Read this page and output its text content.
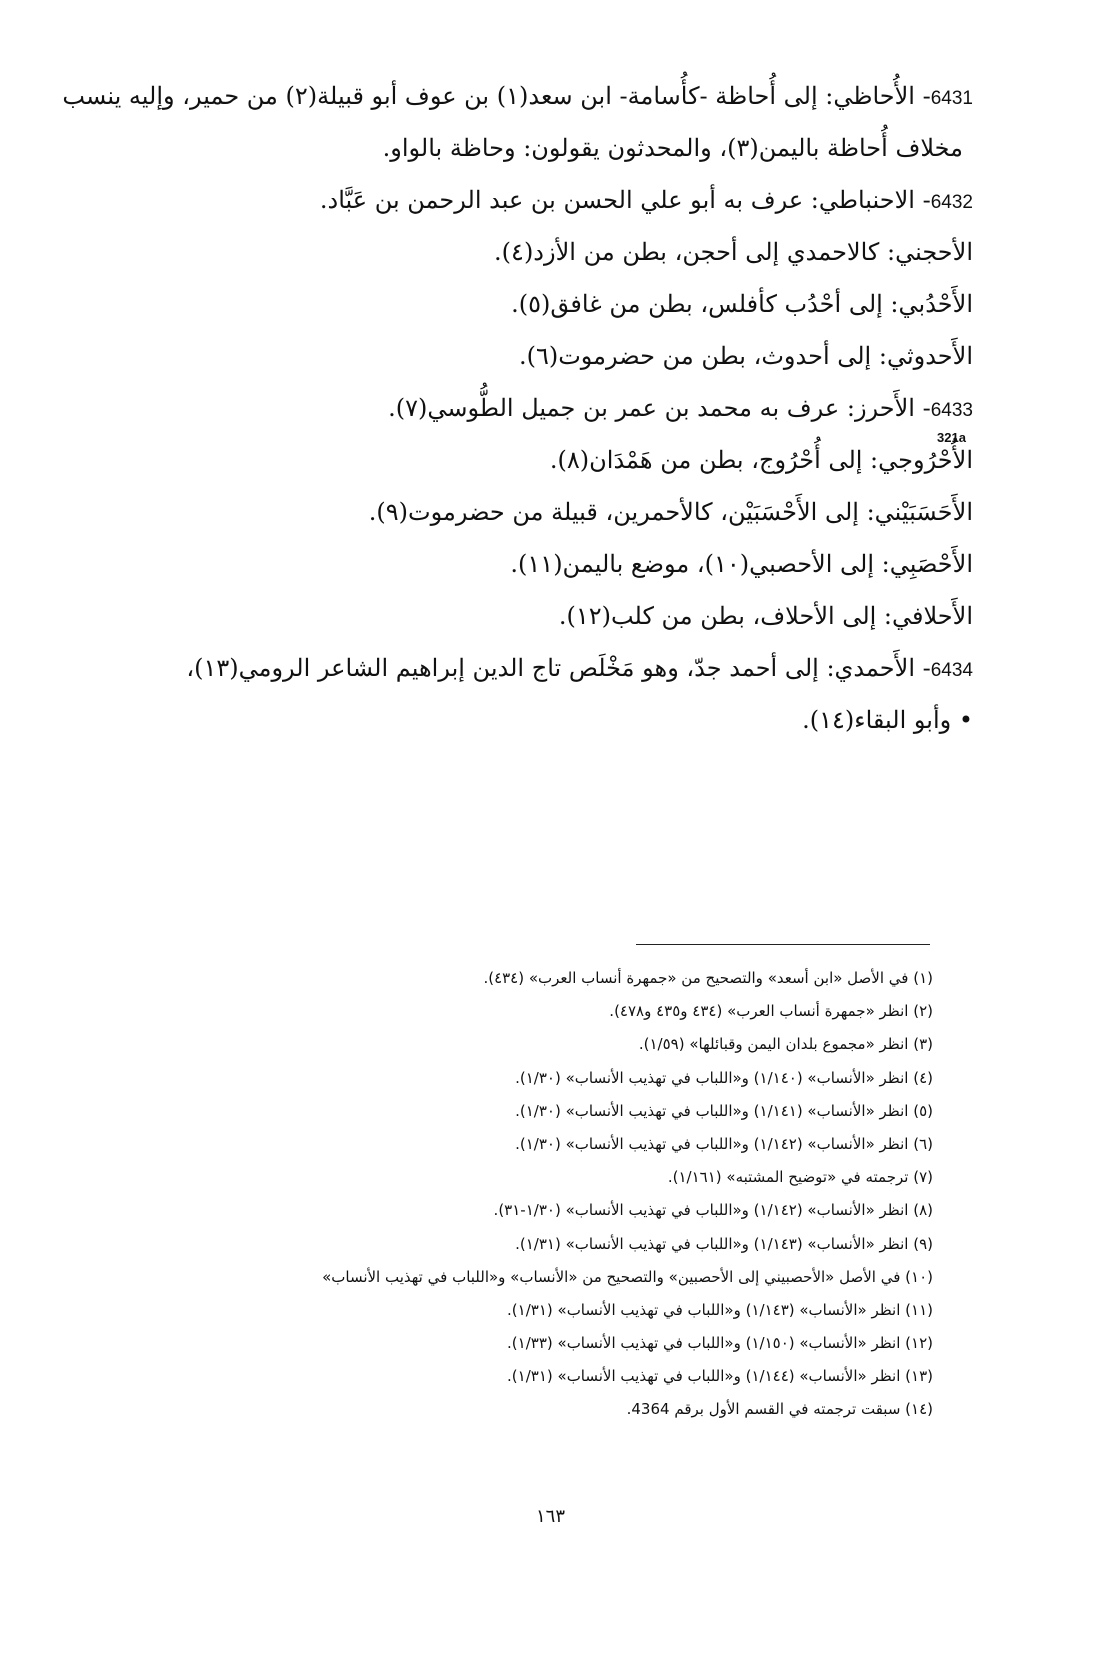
6431- الأُحاظي: إلى أُحاظة -كأُسامة- ابن سعد(١) بن عوف أبو قبيلة(٢) من حمير، وإليه ينسب
مخلاف أُحاظة باليمن(٣)، والمحدثون يقولون: وحاظة بالواو.
6432- الاحنباطي: عرف به أبو علي الحسن بن عبد الرحمن بن عَبَّاد.
الأحجني: كالاحمدي إلى أحجن، بطن من الأزد(٤).
الأَحْدُبي: إلى أحْدُب كأفلس، بطن من غافق(٥).
الأَحدوثي: إلى أحدوث، بطن من حضرموت(٦).
6433- الأَحرز: عرف به محمد بن عمر بن جميل الطُّوسي(٧).
الأُحْرُوجي: إلى أُحْرُوج، بطن من هَمْدَان(٨).
الأَحَسَبَيْني: إلى الأَحْسَبَيْن، كالأحمرين، قبيلة من حضرموت(٩).
الأَحْصَبِي: إلى الأحصبي(١٠)، موضع باليمن(١١).
الأَحلافي: إلى الأحلاف، بطن من كلب(١٢).
6434- الأَحمدي: إلى أحمد جدّ، وهو مَخْلَص تاج الدين إبراهيم الشاعر الرومي(١٣)،
• وأبو البقاء(١٤).
321a
(١) في الأصل «ابن أسعد» والتصحيح من «جمهرة أنساب العرب» (٤٣٤).
(٢) انظر «جمهرة أنساب العرب» (٤٣٤ و٤٣٥ و٤٧٨).
(٣) انظر «مجموع بلدان اليمن وقبائلها» (١/٥٩).
(٤) انظر «الأنساب» (١/١٤٠) و«اللباب في تهذيب الأنساب» (١/٣٠).
(٥) انظر «الأنساب» (١/١٤١) و«اللباب في تهذيب الأنساب» (١/٣٠).
(٦) انظر «الأنساب» (١/١٤٢) و«اللباب في تهذيب الأنساب» (١/٣٠).
(٧) ترجمته في «توضيح المشتبه» (١/١٦١).
(٨) انظر «الأنساب» (١/١٤٢) و«اللباب في تهذيب الأنساب» (١/٣٠-٣١).
(٩) انظر «الأنساب» (١/١٤٣) و«اللباب في تهذيب الأنساب» (١/٣١).
(١٠) في الأصل «الأحصبيني إلى الأحصبين» والتصحيح من «الأنساب» و«اللباب في تهذيب الأنساب»
(١١) انظر «الأنساب» (١/١٤٣) و«اللباب في تهذيب الأنساب» (١/٣١).
(١٢) انظر «الأنساب» (١/١٥٠) و«اللباب في تهذيب الأنساب» (١/٣٣).
(١٣) انظر «الأنساب» (١/١٤٤) و«اللباب في تهذيب الأنساب» (١/٣١).
(١٤) سبقت ترجمته في القسم الأول برقم 4364.
١٦٣
